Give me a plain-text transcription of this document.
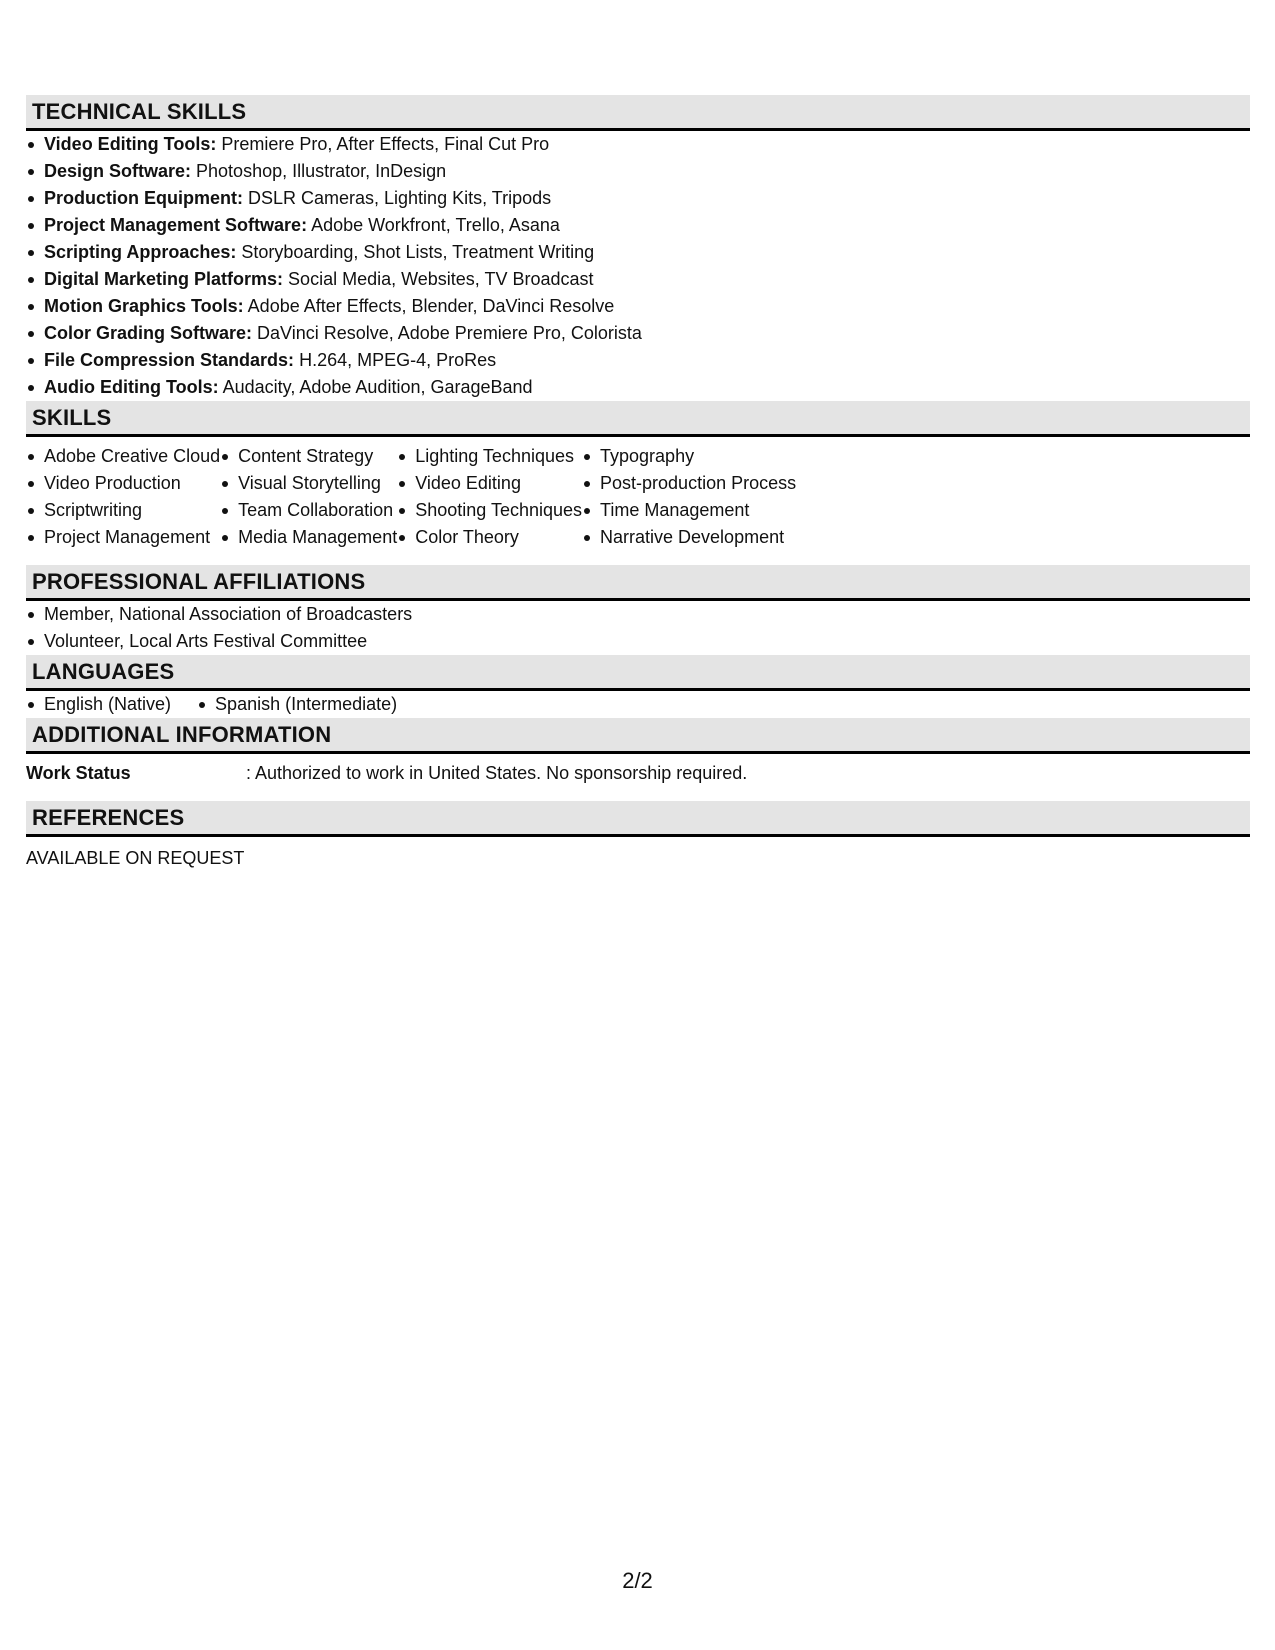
TECHNICAL SKILLS
Video Editing Tools: Premiere Pro, After Effects, Final Cut Pro
Design Software: Photoshop, Illustrator, InDesign
Production Equipment: DSLR Cameras, Lighting Kits, Tripods
Project Management Software: Adobe Workfront, Trello, Asana
Scripting Approaches: Storyboarding, Shot Lists, Treatment Writing
Digital Marketing Platforms: Social Media, Websites, TV Broadcast
Motion Graphics Tools: Adobe After Effects, Blender, DaVinci Resolve
Color Grading Software: DaVinci Resolve, Adobe Premiere Pro, Colorista
File Compression Standards: H.264, MPEG-4, ProRes
Audio Editing Tools: Audacity, Adobe Audition, GarageBand
SKILLS
Adobe Creative Cloud
Video Production
Scriptwriting
Project Management
Content Strategy
Visual Storytelling
Team Collaboration
Media Management
Lighting Techniques
Video Editing
Shooting Techniques
Color Theory
Typography
Post-production Process
Time Management
Narrative Development
PROFESSIONAL AFFILIATIONS
Member, National Association of Broadcasters
Volunteer, Local Arts Festival Committee
LANGUAGES
English (Native)	Spanish (Intermediate)
ADDITIONAL INFORMATION
Work Status	: Authorized to work in United States. No sponsorship required.
REFERENCES
AVAILABLE ON REQUEST
2/2
